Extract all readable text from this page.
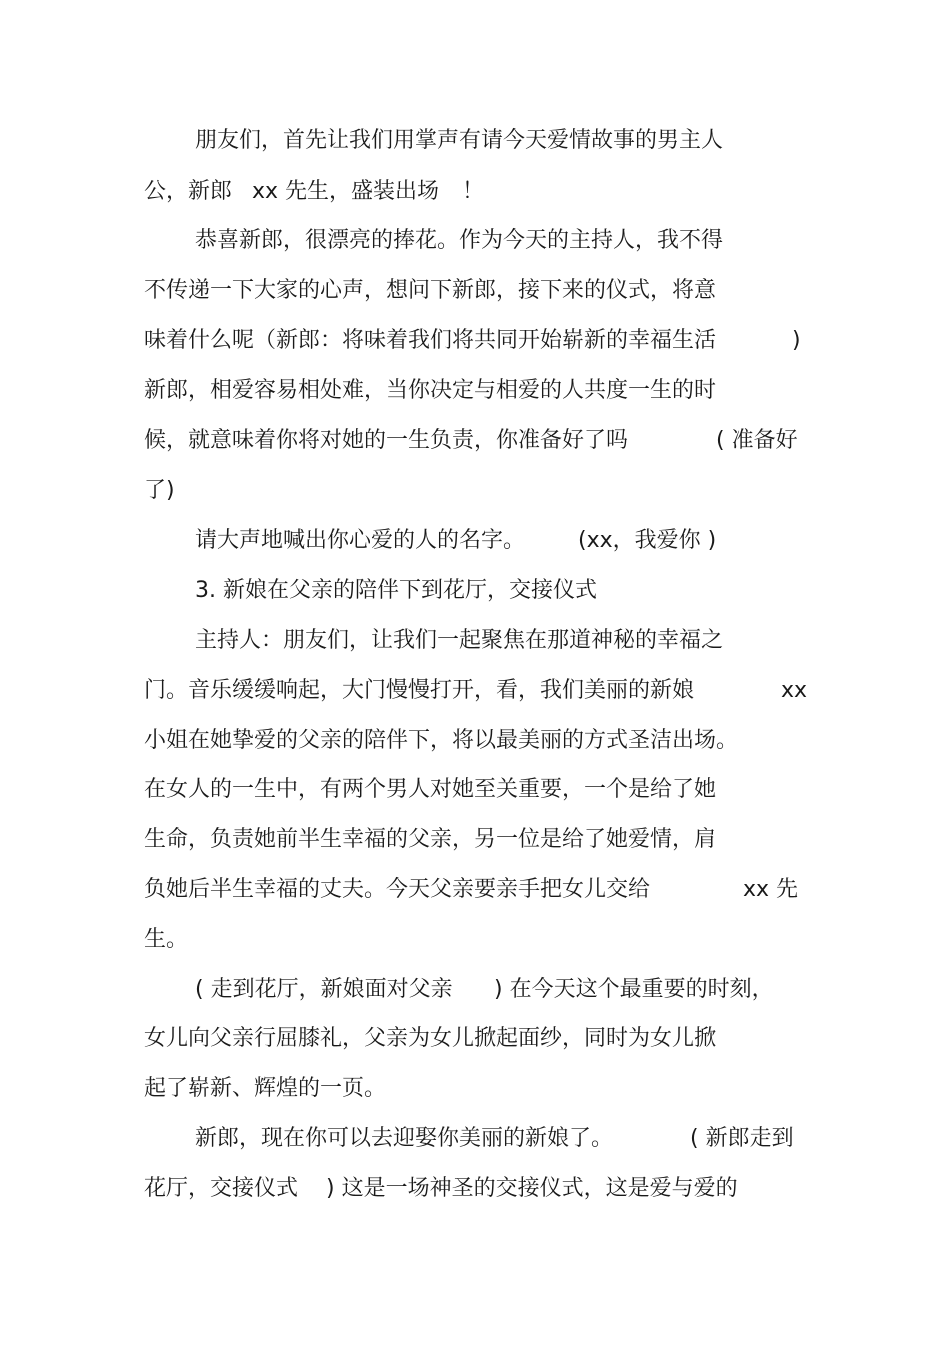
朋友们，首先让我们用掌声有请今天爱情故事的男主人

公，新郎

xx 先生，盛装出场

！

恭喜新郎，很漂亮的捧花。作为今天的主持人，我不得

不传递一下大家的心声，想问下新郎，接下来的仪式，将意

味着什么呢（新郎：将味着我们将共同开始崭新的幸福生活

	)

新郎，相爱容易相处难，当你决定与相爱的人共度一生的时

候，就意味着你将对她的一生负责，你准备好了吗

	( 准备好

了)

请大声地喊出你心爱的人的名字。

(xx，我爱你 )

3. 新娘在父亲的陪伴下到花厅，交接仪式

主持人：朋友们，让我们一起聚焦在那道神秘的幸福之

门。音乐缓缓响起，大门慢慢打开，看，我们美丽的新娘

	xx

小姐在她挚爱的父亲的陪伴下，将以最美丽的方式圣洁出场。

在女人的一生中，有两个男人对她至关重要，一个是给了她

生命，负责她前半生幸福的父亲，另一位是给了她爱情，肩

负她后半生幸福的丈夫。今天父亲要亲手把女儿交给

	xx 先

生。

( 走到花厅，新娘面对父亲

) 在今天这个最重要的时刻，

女儿向父亲行屈膝礼，父亲为女儿掀起面纱，同时为女儿掀

起了崭新、辉煌的一页。

新郎，现在你可以去迎娶你美丽的新娘了。

	( 新郎走到

花厅，交接仪式

) 这是一场神圣的交接仪式，这是爱与爱的
